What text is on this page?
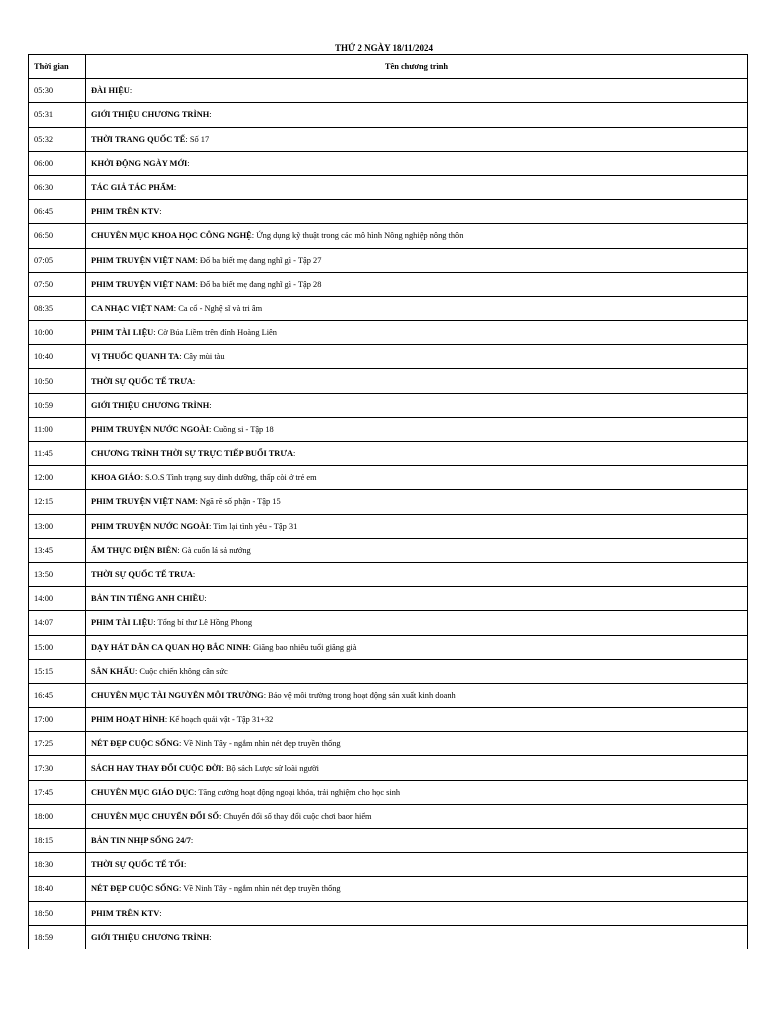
THỨ 2 NGÀY 18/11/2024
Thời gian	Tên chương trình
05:30	ĐÀI HIỆU:
05:31	GIỚI THIỆU CHƯƠNG TRÌNH:
05:32	THỜI TRANG QUỐC TẾ: Số 17
06:00	KHỞI ĐỘNG NGÀY MỚI:
06:30	TÁC GIẢ TÁC PHẨM:
06:45	PHIM TRÊN KTV:
06:50	CHUYÊN MỤC KHOA HỌC CÔNG NGHỆ: Ứng dụng kỹ thuật trong các mô hình Nông nghiệp nông thôn
07:05	PHIM TRUYỆN VIỆT NAM: Đố ba biết mẹ đang nghĩ gì - Tập 27
07:50	PHIM TRUYỆN VIỆT NAM: Đố ba biết mẹ đang nghĩ gì - Tập 28
08:35	CA NHẠC VIỆT NAM: Ca cổ - Nghệ sĩ và tri âm
10:00	PHIM TÀI LIỆU: Cờ Búa Liềm trên đỉnh Hoàng Liên
10:40	VỊ THUỐC QUANH TA: Cây mùi tàu
10:50	THỜI SỰ QUỐC TẾ TRƯA:
10:59	GIỚI THIỆU CHƯƠNG TRÌNH:
11:00	PHIM TRUYỆN NƯỚC NGOÀI: Cuồng si - Tập 18
11:45	CHƯƠNG TRÌNH THỜI SỰ TRỰC TIẾP BUỔI TRƯA:
12:00	KHOA GIÁO: S.O.S Tình trạng suy dinh dưỡng, thấp còi ở trẻ em
12:15	PHIM TRUYỆN VIỆT NAM: Ngã rẽ số phận - Tập 15
13:00	PHIM TRUYỆN NƯỚC NGOÀI: Tìm lại tình yêu - Tập 31
13:45	ẨM THỰC ĐIỆN BIÊN: Gà cuốn lá sả nướng
13:50	THỜI SỰ QUỐC TẾ TRƯA:
14:00	BẢN TIN TIẾNG ANH CHIỀU:
14:07	PHIM TÀI LIỆU: Tổng bí thư Lê Hồng Phong
15:00	DẠY HÁT DÂN CA QUAN HỌ BẮC NINH: Giăng bao nhiêu tuổi giăng già
15:15	SÂN KHẤU: Cuộc chiến không cân sức
16:45	CHUYÊN MỤC TÀI NGUYÊN MÔI TRƯỜNG: Bảo vệ môi trường trong hoạt động sản xuất kinh doanh
17:00	PHIM HOẠT HÌNH: Kế hoạch quái vật - Tập 31+32
17:25	NÉT ĐẸP CUỘC SỐNG: Về Ninh Tây - ngắm nhìn nét đẹp truyền thống
17:30	SÁCH HAY THAY ĐỔI CUỘC ĐỜI: Bộ sách Lược sử loài người
17:45	CHUYÊN MỤC GIÁO DỤC: Tăng cường hoạt động ngoại khóa, trải nghiệm cho học sinh
18:00	CHUYÊN MỤC CHUYỂN ĐỔI SỐ: Chuyển đổi số thay đổi cuộc chơi baor hiểm
18:15	BẢN TIN NHỊP SỐNG 24/7:
18:30	THỜI SỰ QUỐC TẾ TỐI:
18:40	NÉT ĐẸP CUỘC SỐNG: Về Ninh Tây - ngắm nhìn nét đẹp truyền thống
18:50	PHIM TRÊN KTV:
18:59	GIỚI THIỆU CHƯƠNG TRÌNH:
